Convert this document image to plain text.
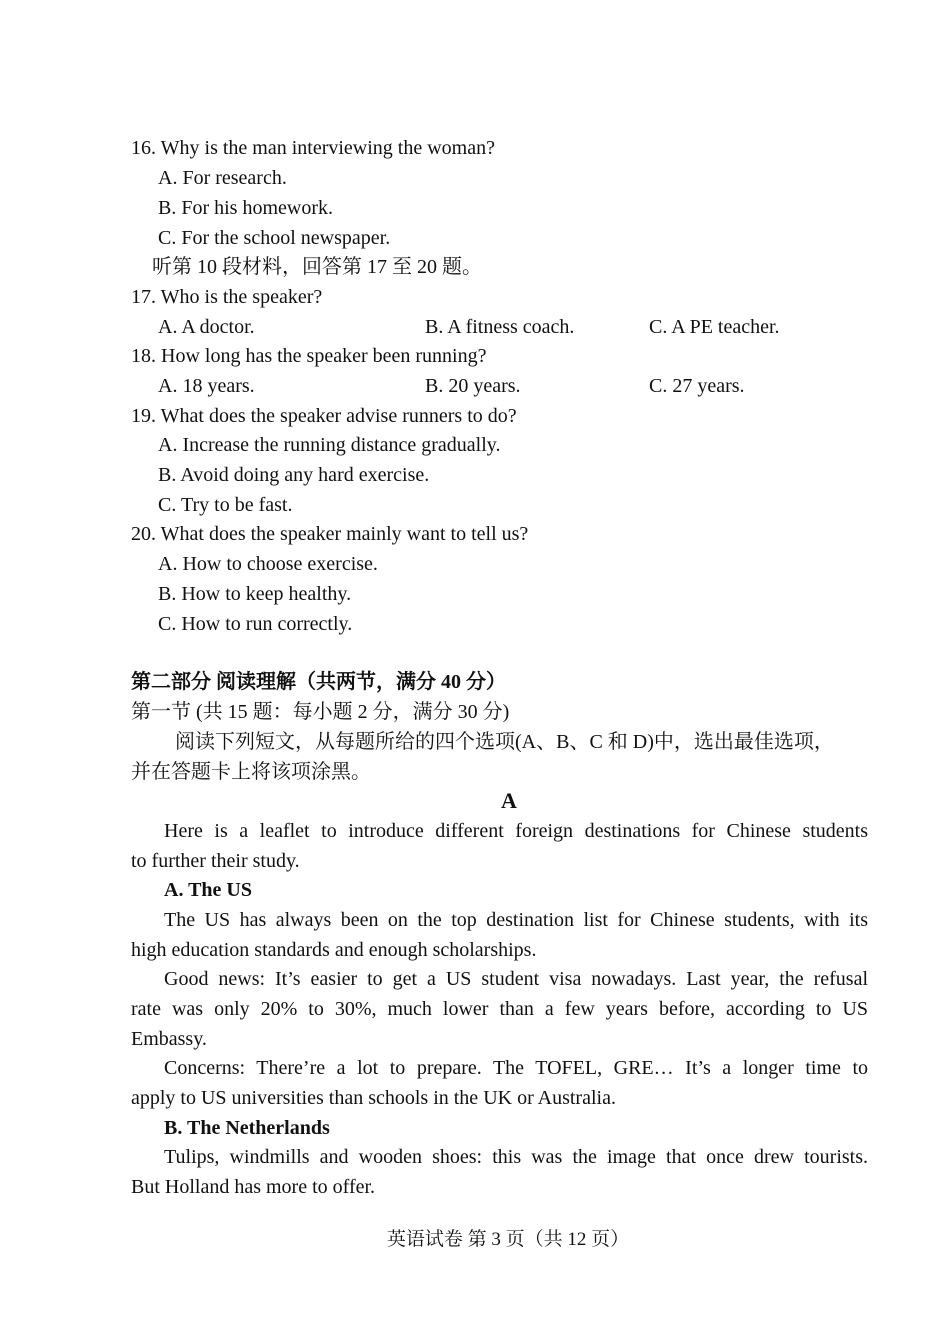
16. Why is the man interviewing the woman?
A. For research.
B. For his homework.
C. For the school newspaper.
听第 10 段材料，回答第 17 至 20 题。
17. Who is the speaker?
A. A doctor.	B. A fitness coach.	C. A PE teacher.
18. How long has the speaker been running?
A. 18 years.	B. 20 years.	C. 27 years.
19. What does the speaker advise runners to do?
A. Increase the running distance gradually.
B. Avoid doing any hard exercise.
C. Try to be fast.
20. What does the speaker mainly want to tell us?
A. How to choose exercise.
B. How to keep healthy.
C. How to run correctly.
第二部分 阅读理解（共两节，满分 40 分）
第一节 (共 15 题：每小题 2 分，满分 30 分)
阅读下列短文，从每题所给的四个选项(A、B、C 和 D)中，选出最佳选项，
并在答题卡上将该项涂黑。
A
Here is a leaflet to introduce different foreign destinations for Chinese students
to further their study.
A. The US
The US has always been on the top destination list for Chinese students, with its
high education standards and enough scholarships.
Good news: It’s easier to get a US student visa nowadays. Last year, the refusal
rate was only 20% to 30%, much lower than a few years before, according to US
Embassy.
Concerns: There’re a lot to prepare. The TOFEL, GRE… It’s a longer time to
apply to US universities than schools in the UK or Australia.
B. The Netherlands
Tulips, windmills and wooden shoes: this was the image that once drew tourists.
But Holland has more to offer.
英语试卷 第 3 页（共 12 页）
